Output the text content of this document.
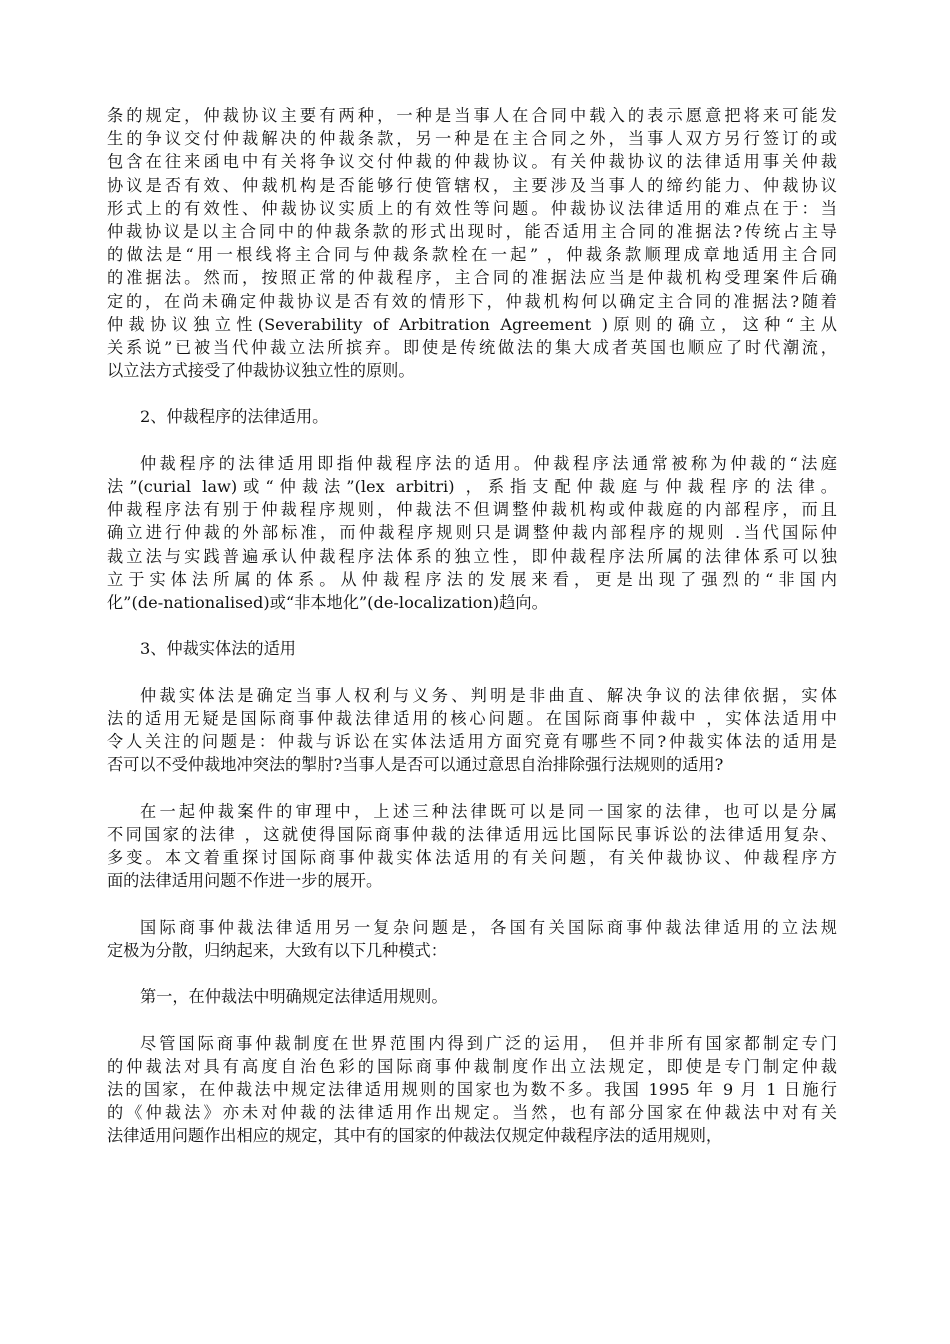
条的规定，仲裁协议主要有两种，一种是当事人在合同中载入的表示愿意把将来可能发
生的争议交付仲裁解决的仲裁条款，另一种是在主合同之外，当事人双方另行签订的或
包含在往来函电中有关将争议交付仲裁的仲裁协议。有关仲裁协议的法律适用事关仲裁
协议是否有效、仲裁机构是否能够行使管辖权，主要涉及当事人的缔约能力、仲裁协议
形式上的有效性、仲裁协议实质上的有效性等问题。仲裁协议法律适用的难点在于：当
仲裁协议是以主合同中的仲裁条款的形式出现时，能否适用主合同的准据法?传统占主导
的做法是“用一根线将主合同与仲裁条款栓在一起” ，仲裁条款顺理成章地适用主合同
的准据法。然而，按照正常的仲裁程序，主合同的准据法应当是仲裁机构受理案件后确
定的，在尚未确定仲裁协议是否有效的情形下，仲裁机构何以确定主合同的准据法?随着
仲裁协议独立性(Severability of Arbitration Agreement )原则的确立，这种“主从
关系说”已被当代仲裁立法所摈弃。即使是传统做法的集大成者英国也顺应了时代潮流，
以立法方式接受了仲裁协议独立性的原则。
2、仲裁程序的法律适用。
仲裁程序的法律适用即指仲裁程序法的适用。仲裁程序法通常被称为仲裁的“法庭
法”(curial law)或“仲裁法”(lex arbitri) ，系指支配仲裁庭与仲裁程序的法律。
仲裁程序法有别于仲裁程序规则，仲裁法不但调整仲裁机构或仲裁庭的内部程序，而且
确立进行仲裁的外部标准，而仲裁程序规则只是调整仲裁内部程序的规则 .当代国际仲
裁立法与实践普遍承认仲裁程序法体系的独立性，即仲裁程序法所属的法律体系可以独
立于实体法所属的体系。从仲裁程序法的发展来看，更是出现了强烈的“非国内
化”(de-nationalised)或“非本地化”(de-localization)趋向。
3、仲裁实体法的适用
仲裁实体法是确定当事人权利与义务、判明是非曲直、解决争议的法律依据，实体
法的适用无疑是国际商事仲裁法律适用的核心问题。在国际商事仲裁中 ，实体法适用中
令人关注的问题是：仲裁与诉讼在实体法适用方面究竟有哪些不同?仲裁实体法的适用是
否可以不受仲裁地冲突法的掣肘?当事人是否可以通过意思自治排除强行法规则的适用?
在一起仲裁案件的审理中，上述三种法律既可以是同一国家的法律，也可以是分属
不同国家的法律 ，这就使得国际商事仲裁的法律适用远比国际民事诉讼的法律适用复杂、
多变。本文着重探讨国际商事仲裁实体法适用的有关问题，有关仲裁协议、仲裁程序方
面的法律适用问题不作进一步的展开。
国际商事仲裁法律适用另一复杂问题是，各国有关国际商事仲裁法律适用的立法规
定极为分散，归纳起来，大致有以下几种模式：
第一，在仲裁法中明确规定法律适用规则。
尽管国际商事仲裁制度在世界范围内得到广泛的运用， 但并非所有国家都制定专门
的仲裁法对具有高度自治色彩的国际商事仲裁制度作出立法规定，即使是专门制定仲裁
法的国家，在仲裁法中规定法律适用规则的国家也为数不多。我国 1995 年 9 月 1 日施行
的《仲裁法》亦未对仲裁的法律适用作出规定。当然，也有部分国家在仲裁法中对有关
法律适用问题作出相应的规定，其中有的国家的仲裁法仅规定仲裁程序法的适用规则，
